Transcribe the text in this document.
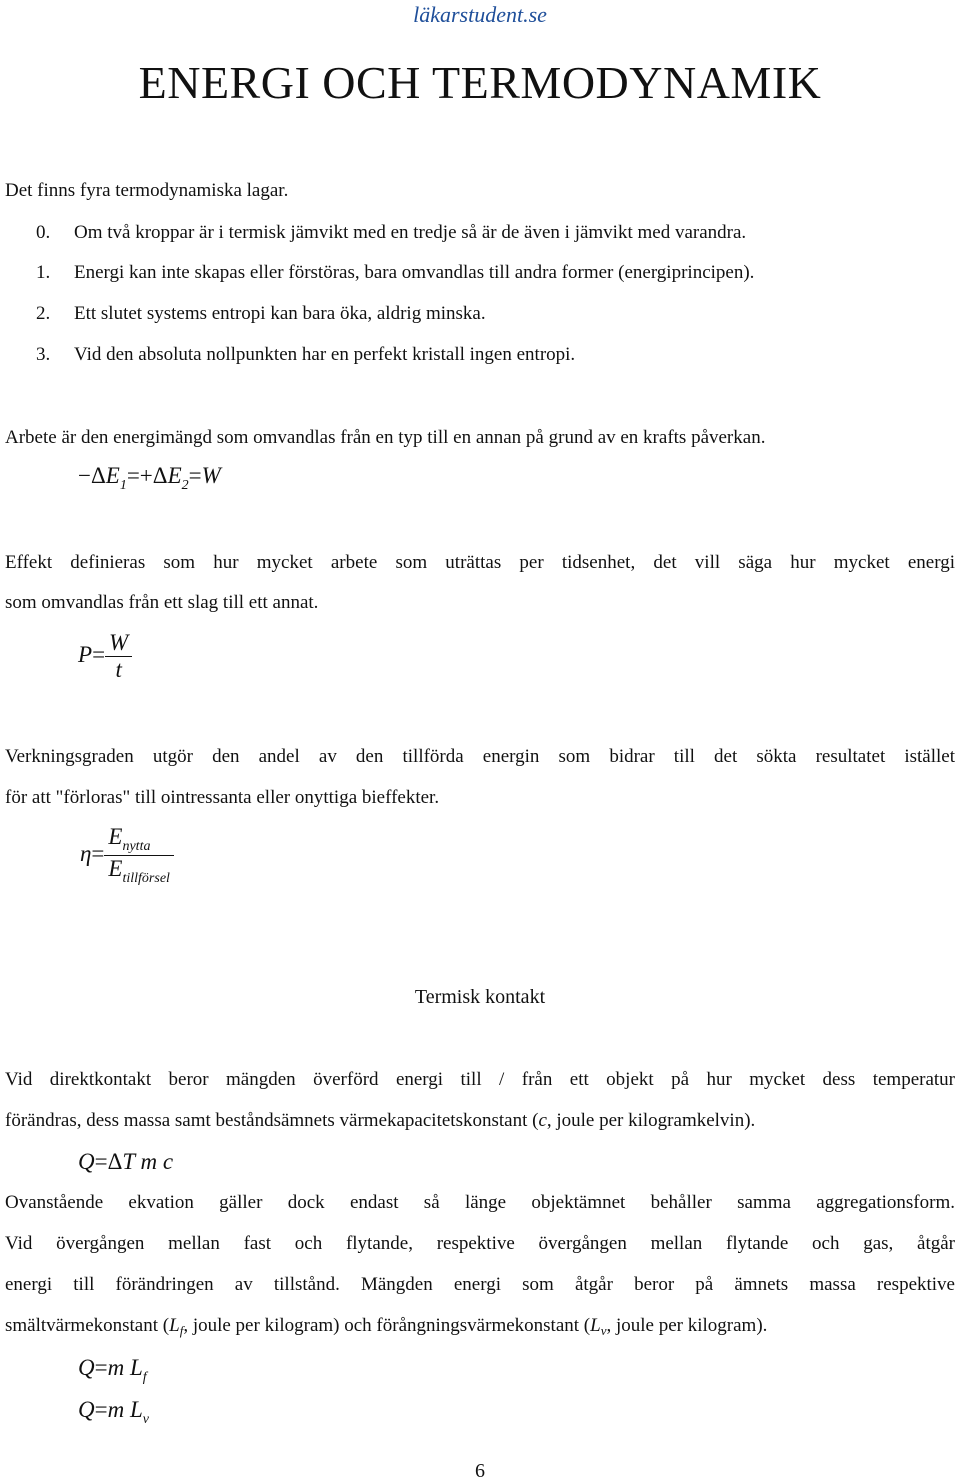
läkarstudent.se
ENERGI OCH TERMODYNAMIK
Det finns fyra termodynamiska lagar.
0. Om två kroppar är i termisk jämvikt med en tredje så är de även i jämvikt med varandra.
1. Energi kan inte skapas eller förstöras, bara omvandlas till andra former (energiprincipen).
2. Ett slutet systems entropi kan bara öka, aldrig minska.
3. Vid den absoluta nollpunkten har en perfekt kristall ingen entropi.
Arbete är den energimängd som omvandlas från en typ till en annan på grund av en krafts påverkan.
$-\Delta E_1=+\Delta E_2=W$
Effekt definieras som hur mycket arbete som uträttas per tidsenhet, det vill säga hur mycket energi
som omvandlas från ett slag till ett annat.
$P= \frac{W}{t}$
Verkningsgraden utgör den andel av den tillförda energin som bidrar till det sökta resultatet istället
för att "förloras" till ointressanta eller onyttiga bieffekter.
$\eta= \frac{E_{nytta}}{E_{tillförsel}}$
Termisk kontakt
Vid direktkontakt beror mängden överförd energi till / från ett objekt på hur mycket dess temperatur
förändras, dess massa samt beståndsämnets värmekapacitetskonstant (c, joule per kilogramkelvin).
Q=ΔT m c
Ovanstående ekvation gäller dock endast så länge objektämnet behåller samma aggregationsform.
Vid övergången mellan fast och flytande, respektive övergången mellan flytande och gas, åtgår
energi till förändringen av tillstånd. Mängden energi som åtgår beror på ämnets massa respektive
smältvärmekonstant ($L_f$, joule per kilogram) och förångningsvärmekonstant ($L_v$, joule per kilogram).
Q=m $L_f$
Q=m $L_v$
6
